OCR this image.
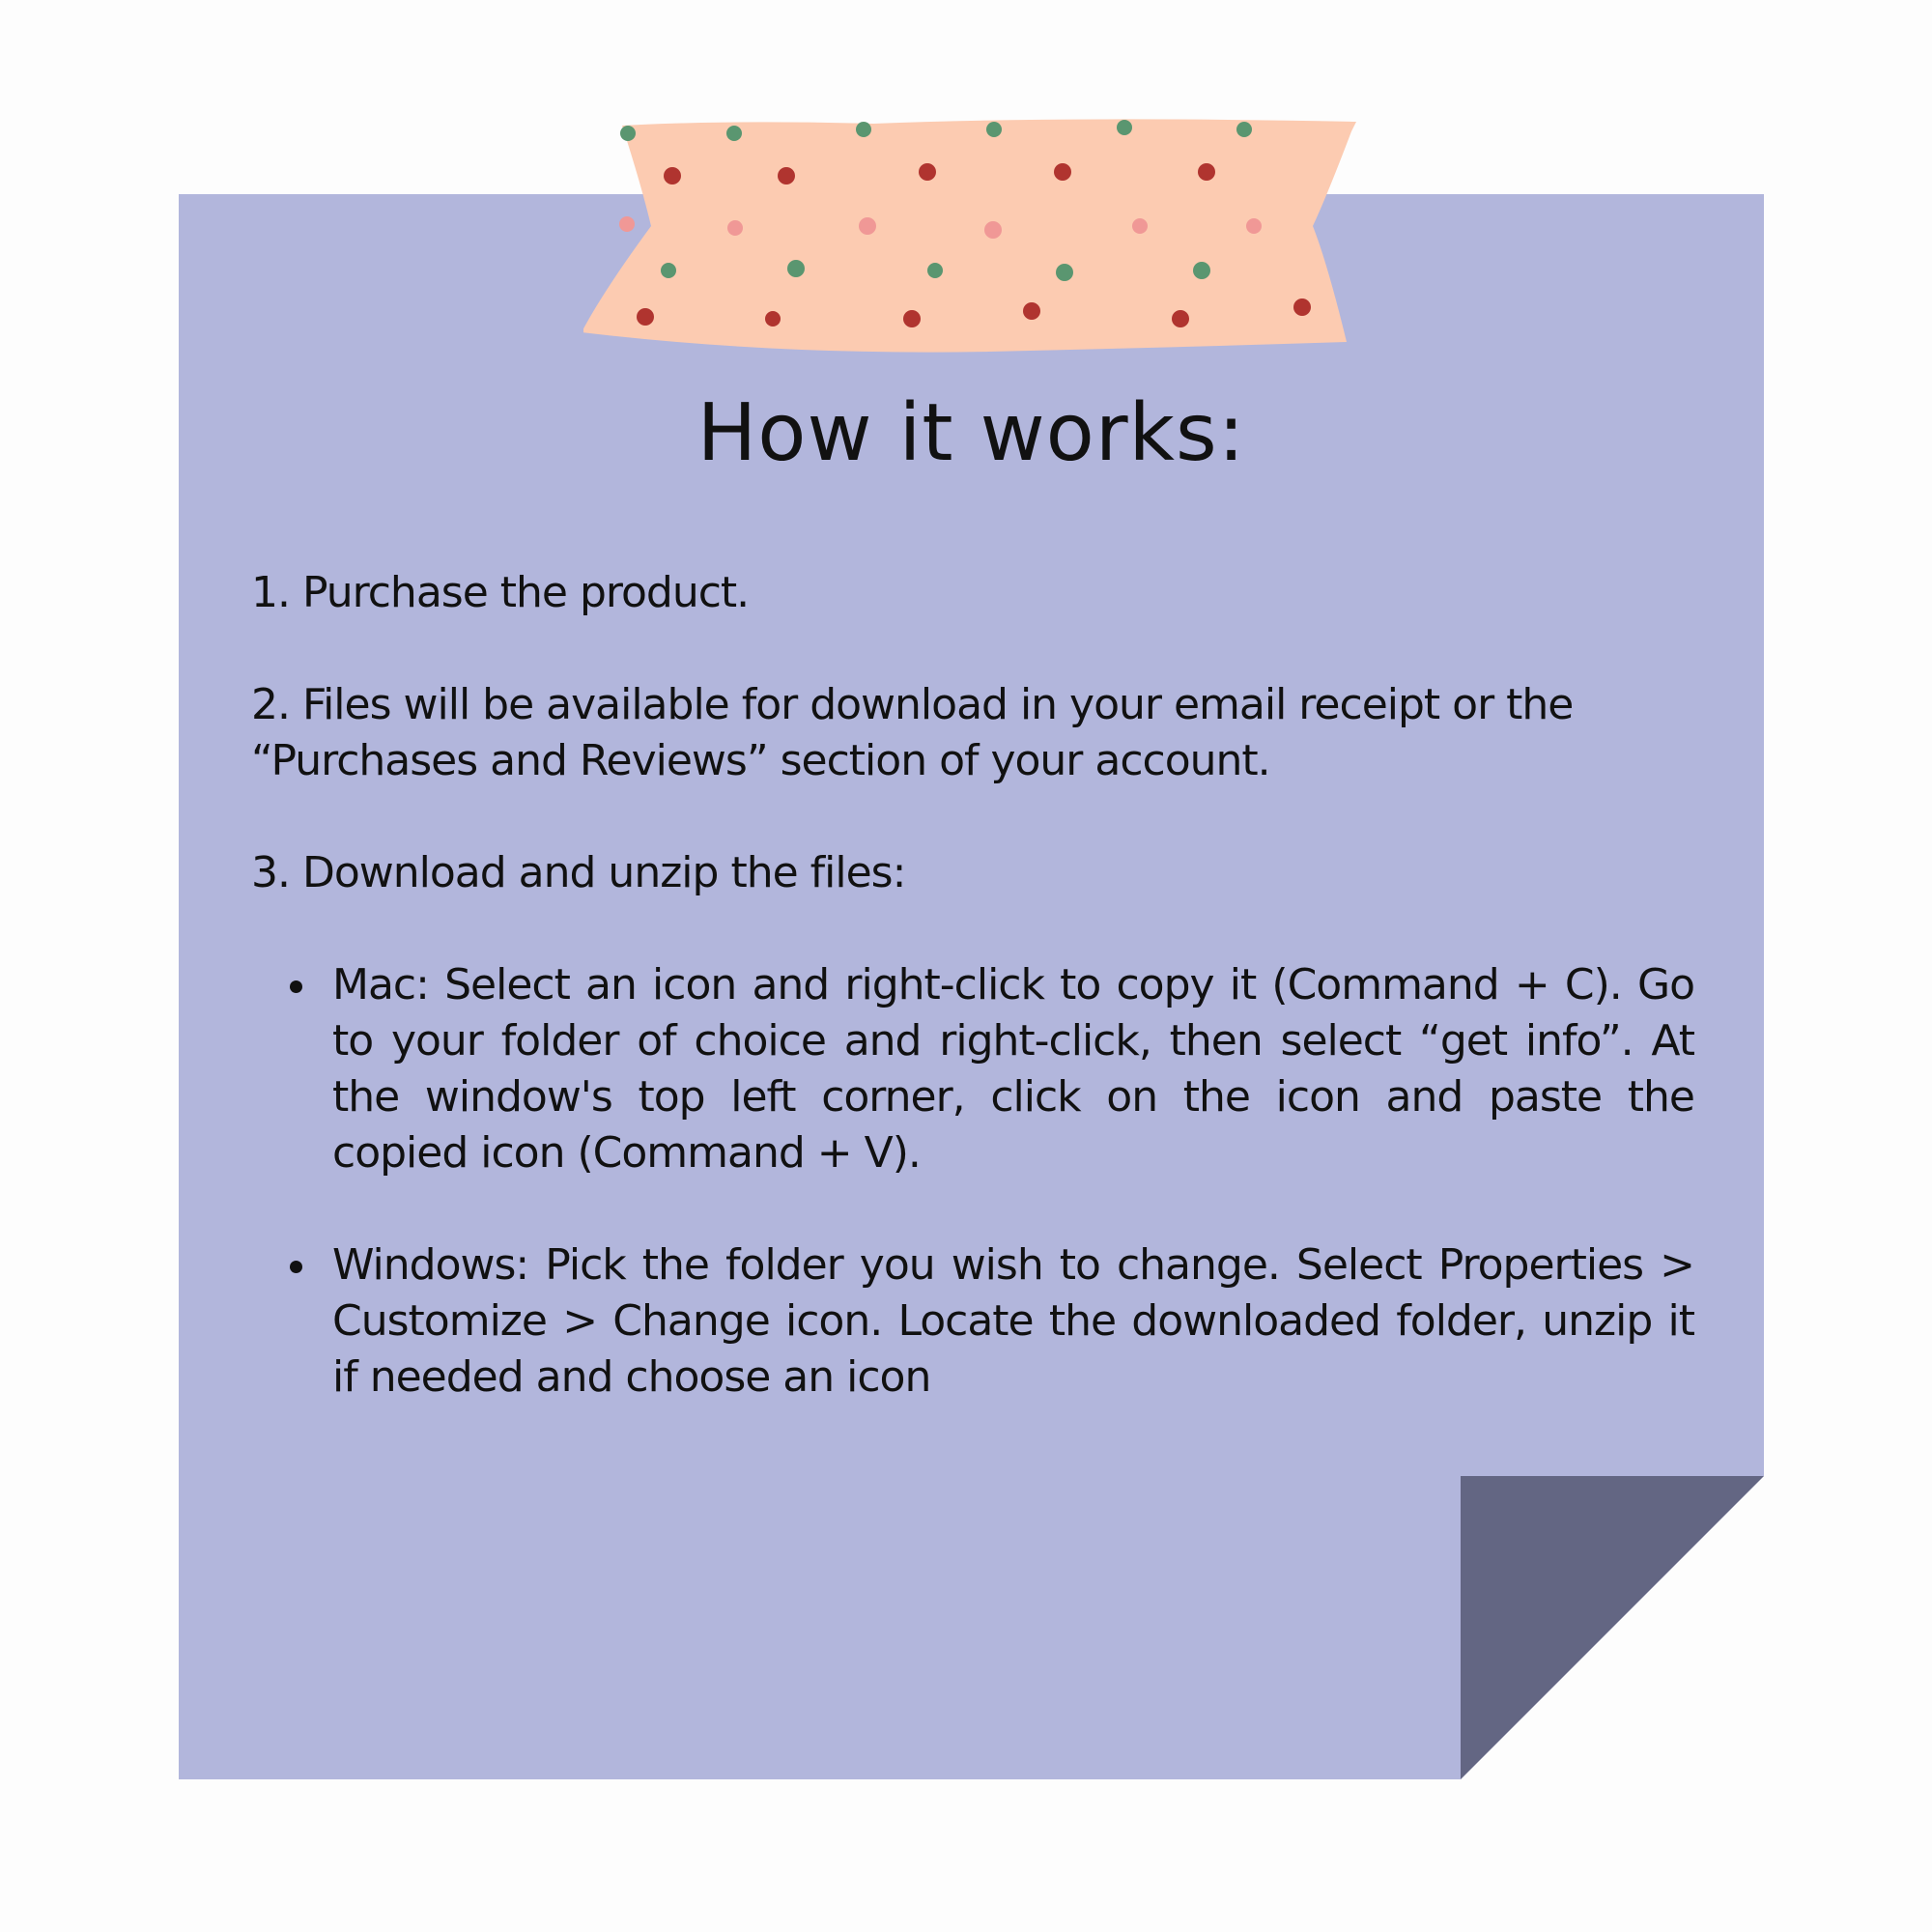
How it works:

1. Purchase the product.

2. Files will be available for download in your email receipt or the “Purchases and Reviews” section of your account.

3. Download and unzip the files:

Mac: Select an icon and right-click to copy it (Command + C). Go to your folder of choice and right-click, then select “get info”. At the window's top left corner, click on the icon and paste the copied icon (Command + V).
Windows: Pick the folder you wish to change. Select Properties > Customize > Change icon. Locate the downloaded folder, unzip it if needed and choose an icon
